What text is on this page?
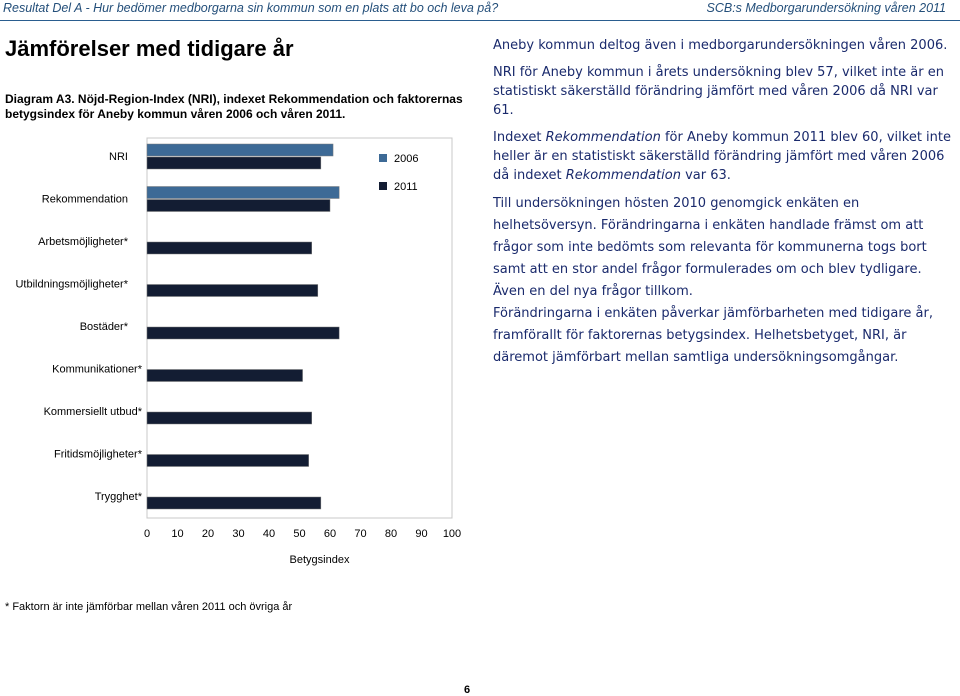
Resultat Del A - Hur bedömer medborgarna sin kommun som en plats att bo och leva på?	SCB:s Medborgarundersökning våren 2011
Jämförelser med tidigare år
Diagram A3. Nöjd-Region-Index (NRI), indexet Rekommendation och faktorernas betygsindex för Aneby kommun våren 2006 och våren 2011.
NRI
Rekommendation
Arbetsmöjligheter*
Utbildningsmöjligheter*
Bostäder*
Kommunikationer*
Kommersiellt utbud*
Fritidsmöjligheter*
Trygghet*
0 10 20 30 40 50 60 70 80 90 100
Betygsindex
2006
2011

Aneby kommun deltog även i medborgarundersökningen våren 2006.

NRI för Aneby kommun i årets undersökning blev 57, vilket inte är en statistiskt säkerställd förändring jämfört med våren 2006 då NRI var 61.

Indexet Rekommendation för Aneby kommun 2011 blev 60, vilket inte heller är en statistiskt säkerställd förändring jämfört med våren 2006 då indexet Rekommendation var 63.

Till undersökningen hösten 2010 genomgick enkäten en helhetsöversyn. Förändringarna i enkäten handlade främst om att frågor som inte bedömts som relevanta för kommunerna togs bort samt att en stor andel frågor formulerades om och blev tydligare. Även en del nya frågor tillkom.

Förändringarna i enkäten påverkar jämförbarheten med tidigare år, framförallt för faktorernas betygsindex. Helhetsbetyget, NRI, är däremot jämförbart mellan samtliga undersökningsomgångar.

* Faktorn är inte jämförbar mellan våren 2011 och övriga år
6
